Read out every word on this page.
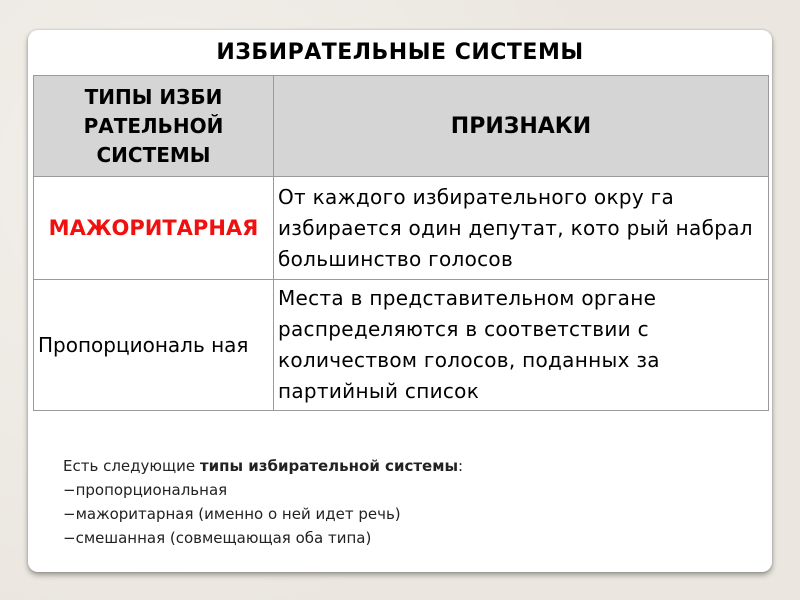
ИЗБИРАТЕЛЬНЫЕ СИСТЕМЫ
ТИПЫ ИЗБИ РАТЕЛЬНОЙ СИСТЕМЫ	ПРИЗНАКИ
МАЖОРИТАРНАЯ	От каждого избирательного окру га избирается один депутат, кото рый набрал большинство голосов
Пропорциональ ная	Места в представительном органе распределяются в соответствии с количеством голосов, поданных за партийный список
Есть следующие типы избирательной системы:
−пропорциональная
−мажоритарная (именно о ней идет речь)
−смешанная (совмещающая оба типа)
